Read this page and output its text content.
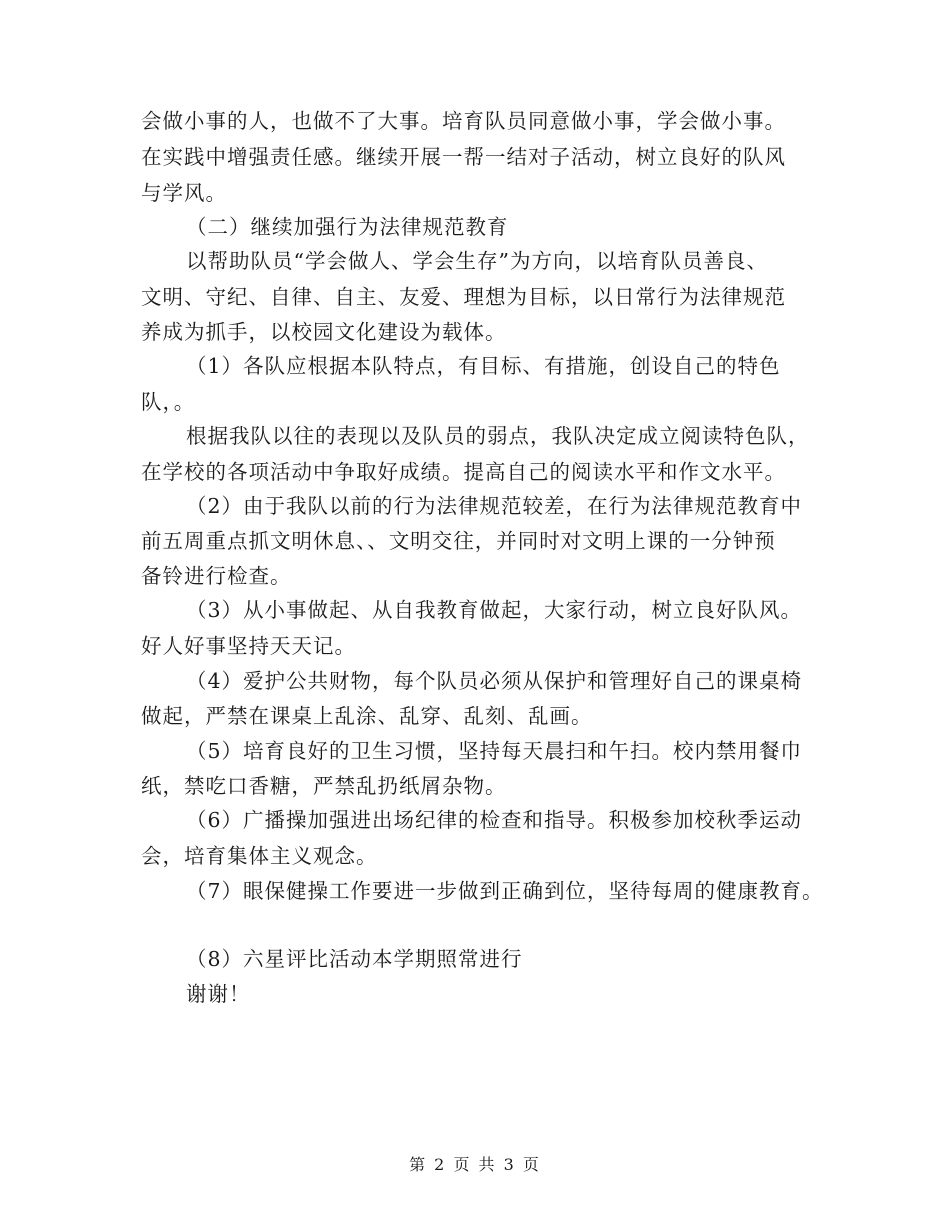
会做小事的人，也做不了大事。培育队员同意做小事，学会做小事。
在实践中增强责任感。继续开展一帮一结对子活动，树立良好的队风
与学风。
（二）继续加强行为法律规范教育
以帮助队员“学会做人、学会生存”为方向，以培育队员善良、
文明、守纪、自律、自主、友爱、理想为目标，以日常行为法律规范
养成为抓手，以校园文化建设为载体。
（1）各队应根据本队特点，有目标、有措施，创设自己的特色
队，。
根据我队以往的表现以及队员的弱点，我队决定成立阅读特色队，
在学校的各项活动中争取好成绩。提高自己的阅读水平和作文水平。
（2）由于我队以前的行为法律规范较差，在行为法律规范教育中
前五周重点抓文明休息、、文明交往，并同时对文明上课的一分钟预
备铃进行检查。
（3）从小事做起、从自我教育做起，大家行动，树立良好队风。
好人好事坚持天天记。
（4）爱护公共财物，每个队员必须从保护和管理好自己的课桌椅
做起，严禁在课桌上乱涂、乱穿、乱刻、乱画。
（5）培育良好的卫生习惯，坚持每天晨扫和午扫。校内禁用餐巾
纸，禁吃口香糖，严禁乱扔纸屑杂物。
（6）广播操加强进出场纪律的检查和指导。积极参加校秋季运动
会，培育集体主义观念。
（7）眼保健操工作要进一步做到正确到位，坚待每周的健康教育。
（8）六星评比活动本学期照常进行
谢谢！
第 2 页 共 3 页
